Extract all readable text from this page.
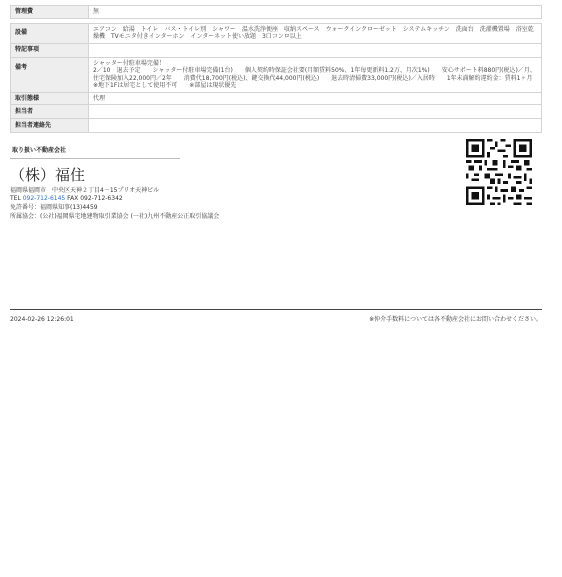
管理費	無
設備	エアコン　給湯　トイレ　バス・トイレ別　シャワー　温水洗浄便座　収納スペース　ウォークインクローゼット　システムキッチン　洗面台　洗濯機置場　浴室乾燥機　TVモニタ付きインターホン　インターネット使い放題　3口コンロ以上
特記事項	
備考	シャッター付駐車場完備！
2／10　退去予定　　シャッター付駐車場完備(1台)　　個人契約時保証会社要(月額賃料50%、1年毎更新料1.2万、月次1%)　　安心サポート料880円(税込)／月、住宅保険加入22,000円／2年　　消費代18,700円(税込)、鍵交換代44,000円(税込)　　退去時清掃費33,000円(税込)／入居時　　1年未満解約違約金：賃料1ヶ月　　　　※地下1Fは居宅として使用不可　　※部屋は現状優先
取引態様	代理
担当者	
担当者連絡先	
取り扱い不動産会社
（株）福住
福岡県福岡市　中央区天神２丁目4－15プリオ天神ビル
TEL 092-712-6145 FAX 092-712-6342
免許番号：福岡県知事(13)4459
所属協会：(公社)福岡県宅地建物取引業協会 (一社)九州不動産公正取引協議会
2024-02-26 12:26:01	※仲介手数料については各不動産会社にお問い合わせください。
